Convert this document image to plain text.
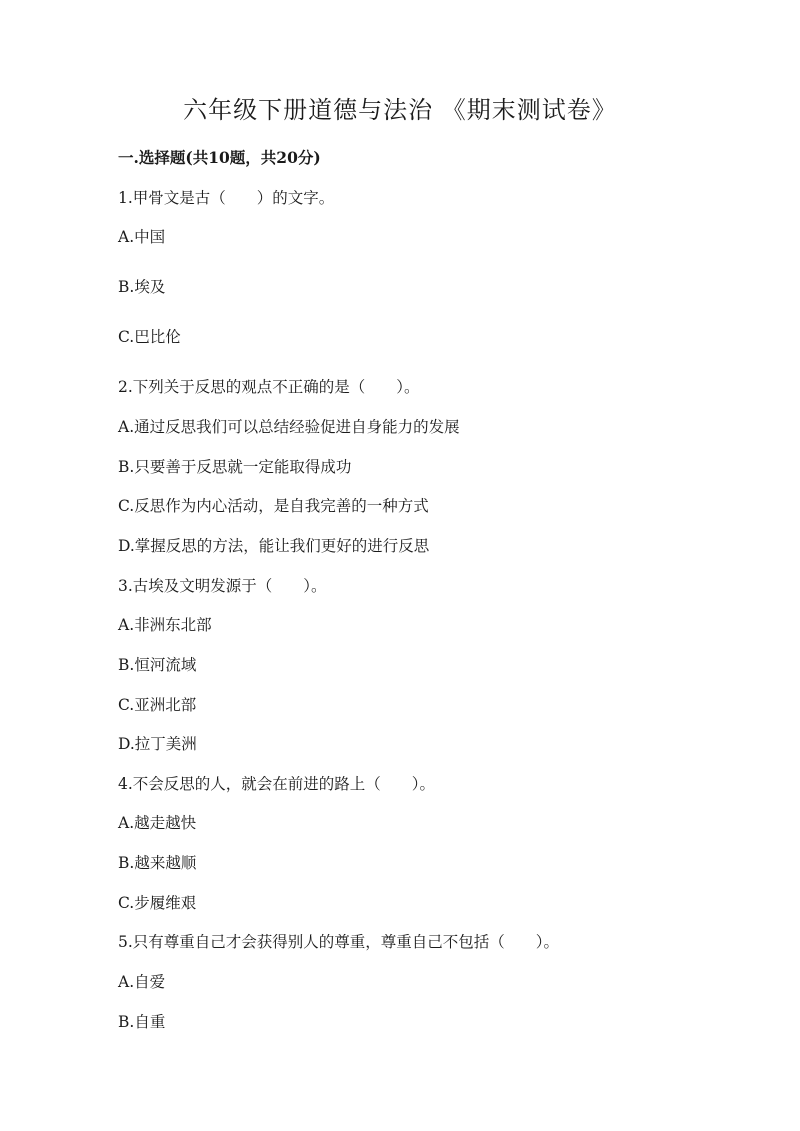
六年级下册道德与法治 《期末测试卷》
一.选择题(共10题，共20分)
1.甲骨文是古（　　）的文字。
A.中国
B.埃及
C.巴比伦
2.下列关于反思的观点不正确的是（　　）。
A.通过反思我们可以总结经验促进自身能力的发展
B.只要善于反思就一定能取得成功
C.反思作为内心活动，是自我完善的一种方式
D.掌握反思的方法，能让我们更好的进行反思
3.古埃及文明发源于（　　）。
A.非洲东北部
B.恒河流域
C.亚洲北部
D.拉丁美洲
4.不会反思的人，就会在前进的路上（　　）。
A.越走越快
B.越来越顺
C.步履维艰
5.只有尊重自己才会获得别人的尊重，尊重自己不包括（　　）。
A.自爱
B.自重
